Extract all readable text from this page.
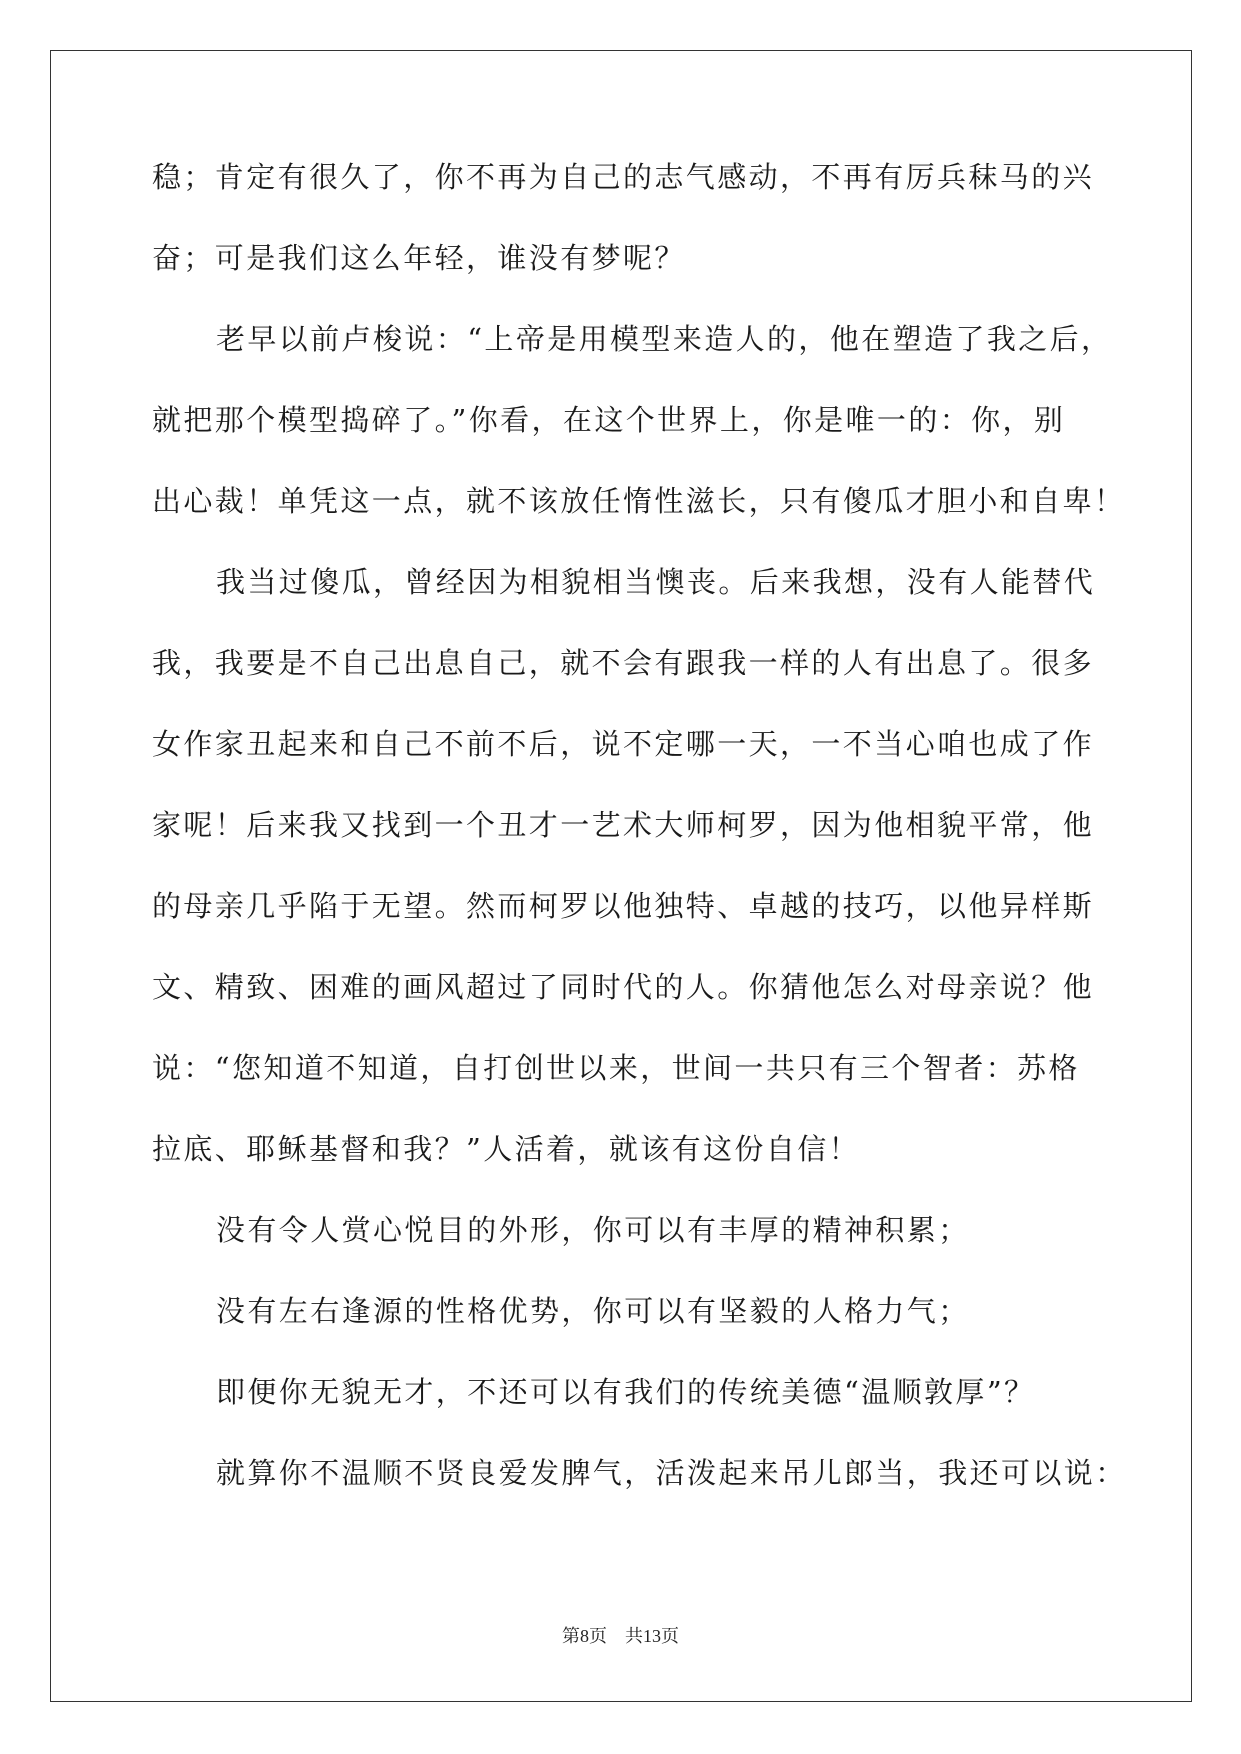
稳；肯定有很久了，你不再为自己的志气感动，不再有厉兵秣马的兴
奋；可是我们这么年轻，谁没有梦呢？
老早以前卢梭说：“上帝是用模型来造人的，他在塑造了我之后，
就把那个模型捣碎了。”你看，在这个世界上，你是唯一的：你，别
出心裁！单凭这一点，就不该放任惰性滋长，只有傻瓜才胆小和自卑！
我当过傻瓜，曾经因为相貌相当懊丧。后来我想，没有人能替代
我，我要是不自己出息自己，就不会有跟我一样的人有出息了。很多
女作家丑起来和自己不前不后，说不定哪一天，一不当心咱也成了作
家呢！后来我又找到一个丑才一艺术大师柯罗，因为他相貌平常，他
的母亲几乎陷于无望。然而柯罗以他独特、卓越的技巧，以他异样斯
文、精致、困难的画风超过了同时代的人。你猜他怎么对母亲说？他
说：“您知道不知道，自打创世以来，世间一共只有三个智者：苏格
拉底、耶稣基督和我？”人活着，就该有这份自信！
没有令人赏心悦目的外形，你可以有丰厚的精神积累；
没有左右逢源的性格优势，你可以有坚毅的人格力气；
即便你无貌无才，不还可以有我们的传统美德“温顺敦厚”？
就算你不温顺不贤良爱发脾气，活泼起来吊儿郎当，我还可以说：
第8页 共13页
